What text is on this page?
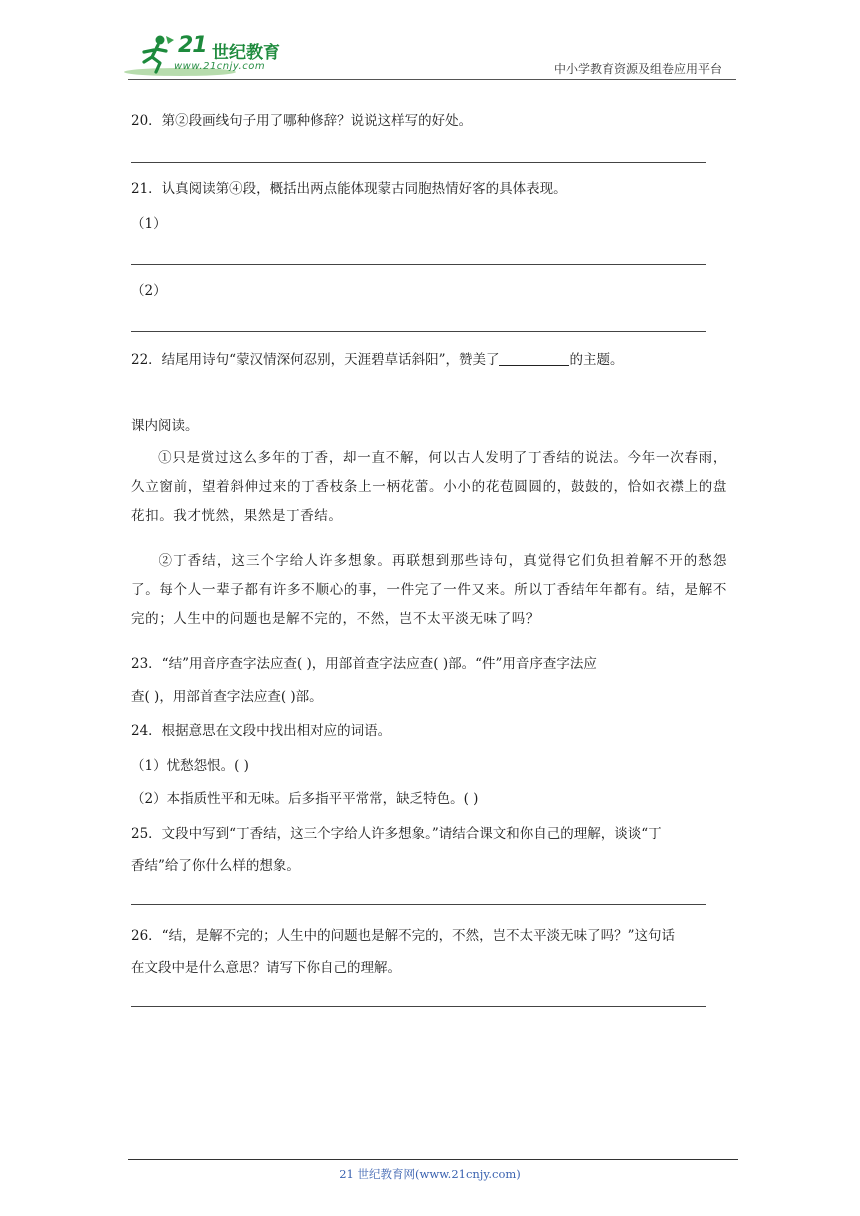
21 世纪教育
www.21cnjy.com	中小学教育资源及组卷应用平台
20．第②段画线句子用了哪种修辞？说说这样写的好处。
21．认真阅读第④段，概括出两点能体现蒙古同胞热情好客的具体表现。
（1）
（2）
22．结尾用诗句“蒙汉情深何忍别，天涯碧草话斜阳”，赞美了	的主题。
课内阅读。
①只是赏过这么多年的丁香，却一直不解，何以古人发明了丁香结的说法。今年一次春雨，久立窗前，望着斜伸过来的丁香枝条上一柄花蕾。小小的花苞圆圆的，鼓鼓的，恰如衣襟上的盘花扣。我才恍然，果然是丁香结。
②丁香结，这三个字给人许多想象。再联想到那些诗句，真觉得它们负担着解不开的愁怨了。每个人一辈子都有许多不顺心的事，一件完了一件又来。所以丁香结年年都有。结，是解不完的；人生中的问题也是解不完的，不然，岂不太平淡无味了吗？
23．“结”用音序查字法应查( )，用部首查字法应查( )部。“件”用音序查字法应
查( )，用部首查字法应查( )部。
24．根据意思在文段中找出相对应的词语。
（1）忧愁怨恨。( )
（2）本指质性平和无味。后多指平平常常，缺乏特色。( )
25．文段中写到“丁香结，这三个字给人许多想象。”请结合课文和你自己的理解，谈谈“丁
香结”给了你什么样的想象。
26．“结，是解不完的；人生中的问题也是解不完的，不然，岂不太平淡无味了吗？”这句话
在文段中是什么意思？请写下你自己的理解。
21 世纪教育网(www.21cnjy.com)
